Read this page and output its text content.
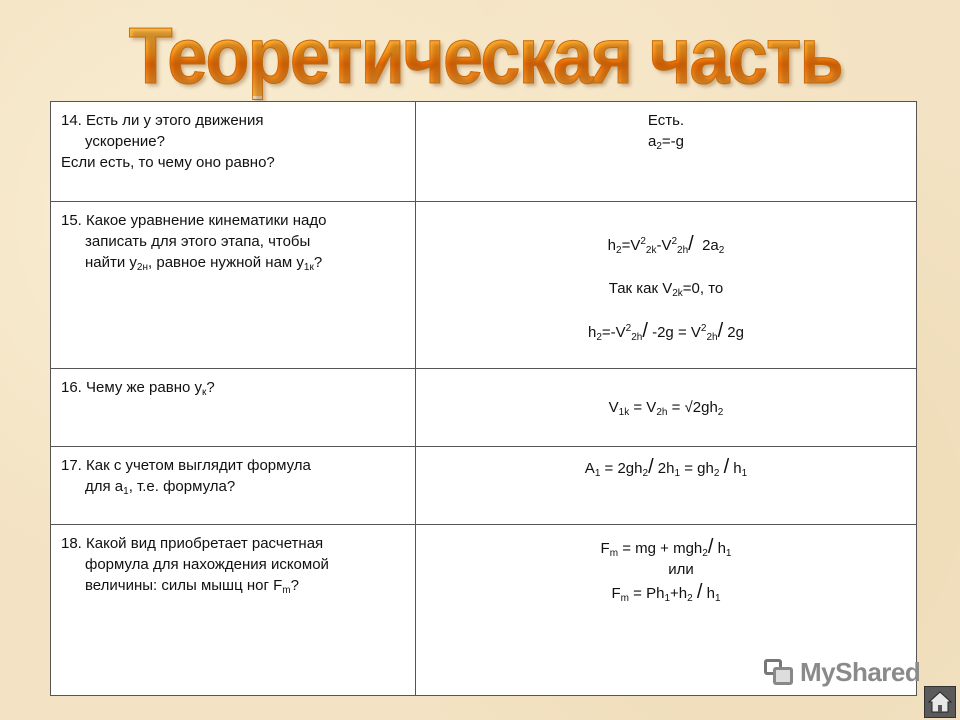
Теоретическая часть
14. Есть ли у этого движения
ускорение?
Если есть, то чему оно равно?	Есть.
$a_2=-g$

15. Какое уравнение кинематики надо
записать для этого этапа, чтобы
найти $y_{2н}$, равное нужной нам $y_{1к}$?	$h_2=V^2_{2k}-V^2_{2h}/$ $2a_2$
Так как $V_{2k}=0$, то
$h_2=-V^2_{2h}/$ $-2g = V^2_{2h}/$ 2g

16. Чему же равно $y_к$?	$V_{1k} = V_{2h} = √2gh_2$

17. Как с учетом выглядит формула
для $a_1$, т.е. формула?	$A_1 = 2gh_2/$ $2h_1 = gh_2 / h_1$

18. Какой вид приобретает расчетная
формула для нахождения искомой
величины: силы мышц ног $F_m$?	$F_m$ = mg + mgh$_2$/ $h_1$
или
$F_m = Ph_1+h_2 / h_1$
MyShared
